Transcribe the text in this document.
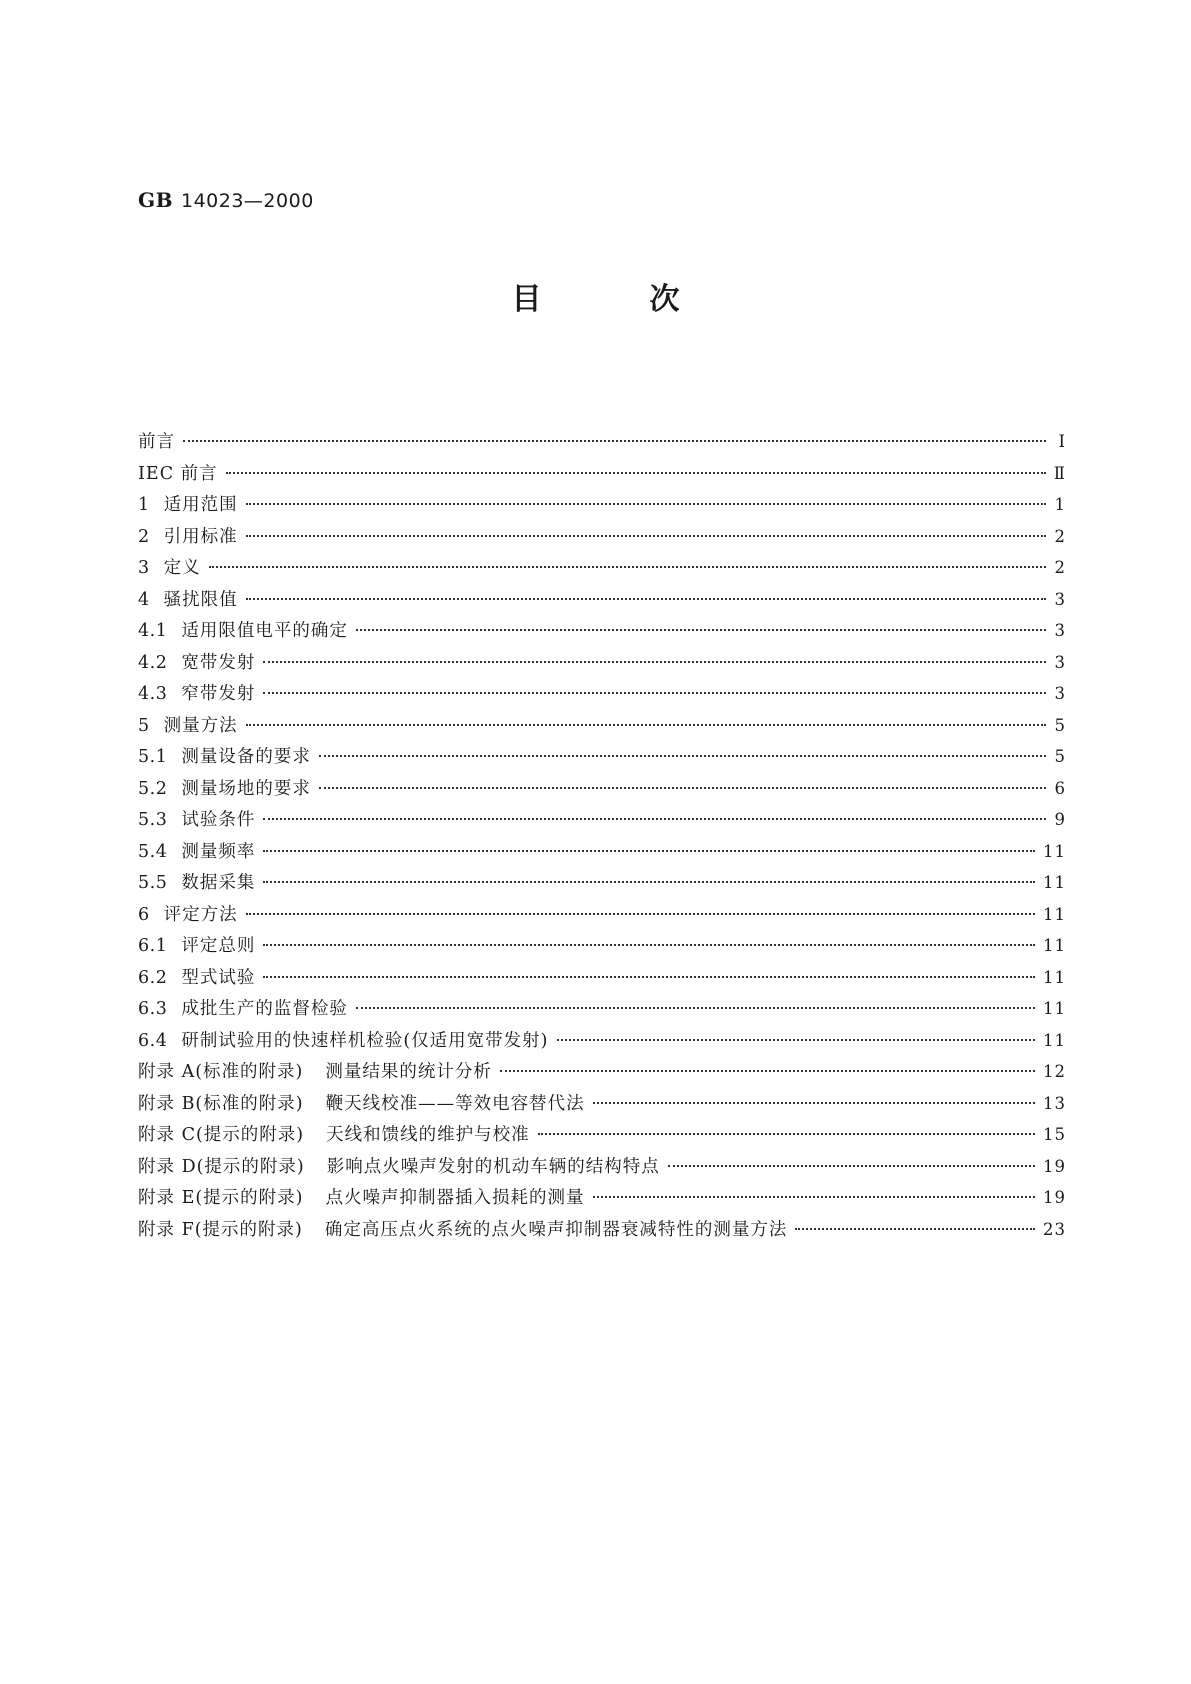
GB 14023—2000
目	次
前言	Ⅰ
IEC 前言	Ⅱ
1 适用范围	1
2 引用标准	2
3 定义	2
4 骚扰限值	3
4.1 适用限值电平的确定	3
4.2 宽带发射	3
4.3 窄带发射	3
5 测量方法	5
5.1 测量设备的要求	5
5.2 测量场地的要求	6
5.3 试验条件	9
5.4 测量频率	11
5.5 数据采集	11
6 评定方法	11
6.1 评定总则	11
6.2 型式试验	11
6.3 成批生产的监督检验	11
6.4 研制试验用的快速样机检验(仅适用宽带发射)	11
附录 A(标准的附录) 测量结果的统计分析	12
附录 B(标准的附录) 鞭天线校准——等效电容替代法	13
附录 C(提示的附录) 天线和馈线的维护与校准	15
附录 D(提示的附录) 影响点火噪声发射的机动车辆的结构特点	19
附录 E(提示的附录) 点火噪声抑制器插入损耗的测量	19
附录 F(提示的附录) 确定高压点火系统的点火噪声抑制器衰减特性的测量方法	23
